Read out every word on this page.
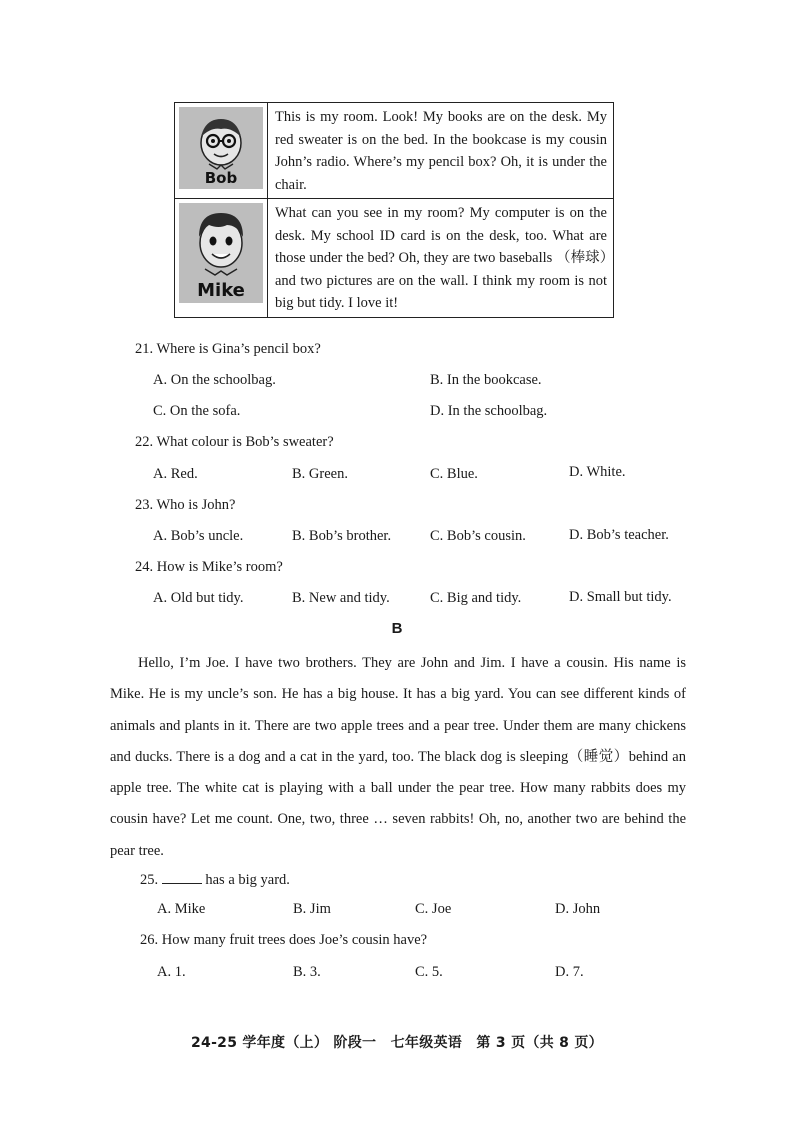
Bob	This is my room. Look! My books are on the desk. My red sweater is on the bed. In the bookcase is my cousin John’s radio. Where’s my pencil box? Oh, it is under the chair.

Mike	What can you see in my room? My computer is on the desk. My school ID card is on the desk, too. What are those under the bed? Oh, they are two baseballs （棒球）and two pictures are on the wall. I think my room is not big but tidy. I love it!
21. Where is Gina’s pencil box?
A. On the schoolbag.	B. In the bookcase.
C. On the sofa.	D. In the schoolbag.
22. What colour is Bob’s sweater?
A. Red.	B. Green.	C. Blue.	D. White.
23. Who is John?
A. Bob’s uncle.	B. Bob’s brother.	C. Bob’s cousin.	D. Bob’s teacher.
24. How is Mike’s room?
A. Old but tidy.	B. New and tidy.	C. Big and tidy.	D. Small but tidy.
B
Hello, I’m Joe. I have two brothers. They are John and Jim. I have a cousin. His name is Mike. He is my uncle’s son. He has a big house. It has a big yard. You can see different kinds of animals and plants in it. There are two apple trees and a pear tree. Under them are many chickens and ducks. There is a dog and a cat in the yard, too. The black dog is sleeping（睡觉）behind an apple tree. The white cat is playing with a ball under the pear tree. How many rabbits does my cousin have? Let me count. One, two, three … seven rabbits! Oh, no, another two are behind the pear tree.
25.	has a big yard.
A. Mike	B. Jim	C. Joe	D. John
26. How many fruit trees does Joe’s cousin have?
A. 1.	B. 3.	C. 5.	D. 7.
24-25 学年度（上） 阶段一　七年级英语　第 3 页（共 8 页）
